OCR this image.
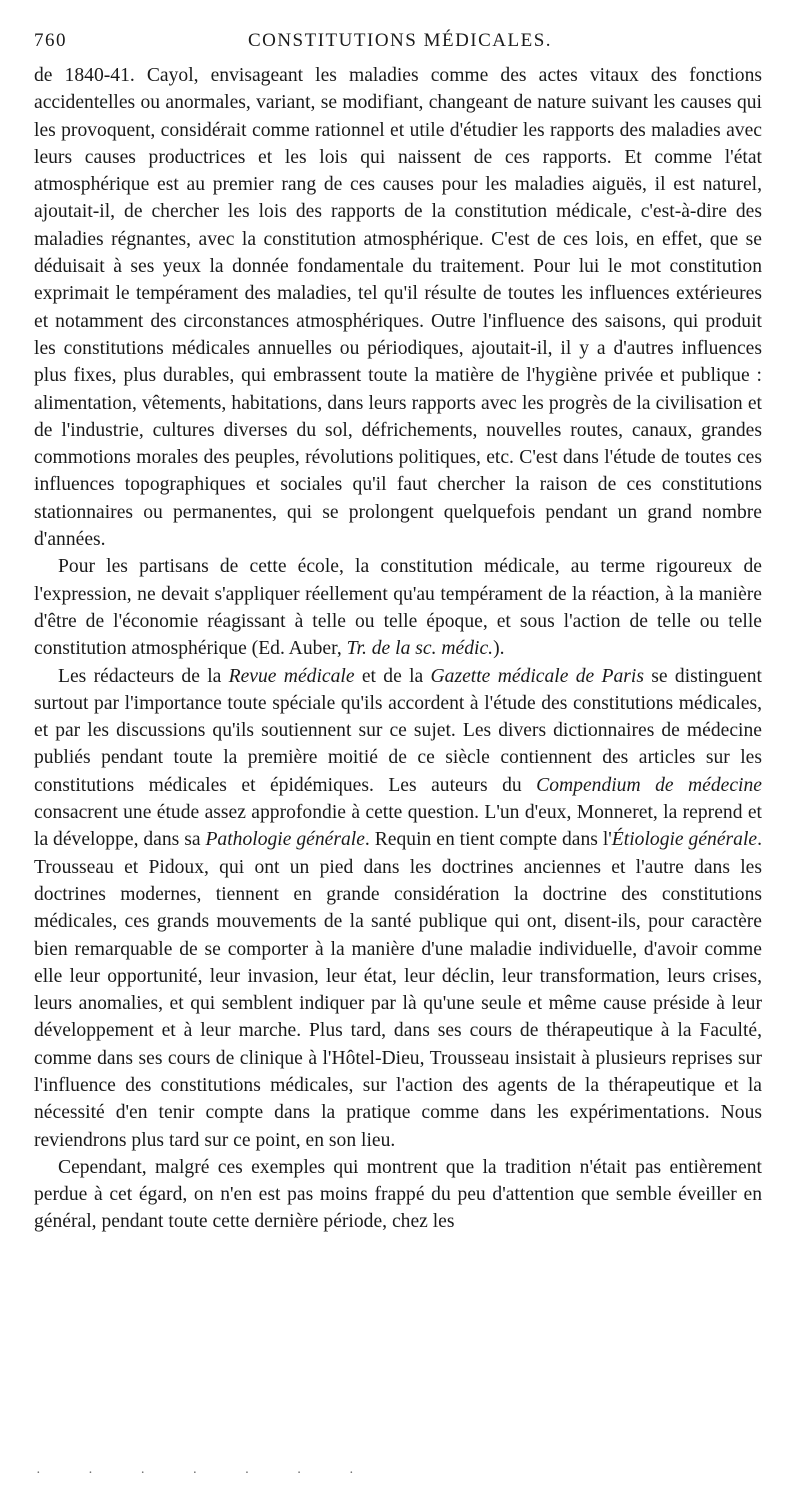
760	CONSTITUTIONS MÉDICALES.

de 1840-41. Cayol, envisageant les maladies comme des actes vitaux des fonctions accidentelles ou anormales, variant, se modifiant, changeant de nature suivant les causes qui les provoquent, considérait comme rationnel et utile d'étudier les rapports des maladies avec leurs causes productrices et les lois qui naissent de ces rapports. Et comme l'état atmosphérique est au premier rang de ces causes pour les maladies aiguës, il est naturel, ajoutait-il, de chercher les lois des rapports de la constitution médicale, c'est-à-dire des maladies régnantes, avec la constitution atmosphérique. C'est de ces lois, en effet, que se déduisait à ses yeux la donnée fondamentale du traitement. Pour lui le mot constitution exprimait le tempérament des maladies, tel qu'il résulte de toutes les influences extérieures et notamment des circonstances atmosphériques. Outre l'influence des saisons, qui produit les constitutions médicales annuelles ou périodiques, ajoutait-il, il y a d'autres influences plus fixes, plus durables, qui embrassent toute la matière de l'hygiène privée et publique : alimentation, vêtements, habitations, dans leurs rapports avec les progrès de la civilisation et de l'industrie, cultures diverses du sol, défrichements, nouvelles routes, canaux, grandes commotions morales des peuples, révolutions politiques, etc. C'est dans l'étude de toutes ces influences topographiques et sociales qu'il faut chercher la raison de ces constitutions stationnaires ou permanentes, qui se prolongent quelquefois pendant un grand nombre d'années.

Pour les partisans de cette école, la constitution médicale, au terme rigoureux de l'expression, ne devait s'appliquer réellement qu'au tempérament de la réaction, à la manière d'être de l'économie réagissant à telle ou telle époque, et sous l'action de telle ou telle constitution atmosphérique (Ed. Auber, Tr. de la sc. médic.).

Les rédacteurs de la Revue médicale et de la Gazette médicale de Paris se distinguent surtout par l'importance toute spéciale qu'ils accordent à l'étude des constitutions médicales, et par les discussions qu'ils soutiennent sur ce sujet. Les divers dictionnaires de médecine publiés pendant toute la première moitié de ce siècle contiennent des articles sur les constitutions médicales et épidémiques. Les auteurs du Compendium de médecine consacrent une étude assez approfondie à cette question. L'un d'eux, Monneret, la reprend et la développe, dans sa Pathologie générale. Requin en tient compte dans l'Étiologie générale. Trousseau et Pidoux, qui ont un pied dans les doctrines anciennes et l'autre dans les doctrines modernes, tiennent en grande considération la doctrine des constitutions médicales, ces grands mouvements de la santé publique qui ont, disent-ils, pour caractère bien remarquable de se comporter à la manière d'une maladie individuelle, d'avoir comme elle leur opportunité, leur invasion, leur état, leur déclin, leur transformation, leurs crises, leurs anomalies, et qui semblent indiquer par là qu'une seule et même cause préside à leur développement et à leur marche. Plus tard, dans ses cours de thérapeutique à la Faculté, comme dans ses cours de clinique à l'Hôtel-Dieu, Trousseau insistait à plusieurs reprises sur l'influence des constitutions médicales, sur l'action des agents de la thérapeutique et la nécessité d'en tenir compte dans la pratique comme dans les expérimentations. Nous reviendrons plus tard sur ce point, en son lieu.

Cependant, malgré ces exemples qui montrent que la tradition n'était pas entièrement perdue à cet égard, on n'en est pas moins frappé du peu d'attention que semble éveiller en général, pendant toute cette dernière période, chez les

· · · · · · ·
